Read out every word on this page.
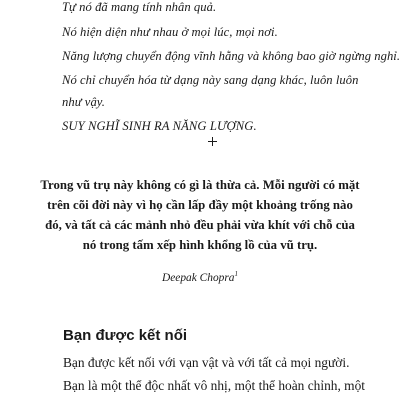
Tự nó đã mang tính nhân quả.
Nó hiện diện như nhau ở mọi lúc, mọi nơi.
Năng lượng chuyển động vĩnh hằng và không bao giờ ngừng nghỉ.
Nó chỉ chuyển hóa từ dạng này sang dạng khác, luôn luôn
như vậy.
SUY NGHĨ SINH RA NĂNG LƯỢNG.
Trong vũ trụ này không có gì là thừa cả. Mỗi người có mặt
trên cõi đời này vì họ cần lấp đầy một khoảng trống nào
đó, và tất cả các mảnh nhỏ đều phải vừa khít với chỗ của
nó trong tấm xếp hình khổng lồ của vũ trụ.
Deepak Chopra$^1$
Bạn được kết nối
Bạn được kết nối với vạn vật và với tất cả mọi người.
Bạn là một thể độc nhất vô nhị, một thể hoàn chỉnh, một
